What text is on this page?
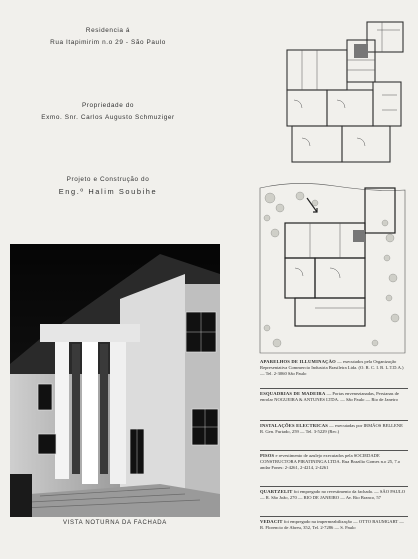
Residencia á
Rua Itapimirim n.o 29 - São Paulo
Propriedade do
Exmo. Snr. Carlos Augusto Schmuziger
Projeto e Construção do
Eng.º Halim Soubihe
VISTA NOTURNA DA FACHADA
APARELHOS DE ILLUMINAÇÃO — executados pela Organização Representativa Commercio Industria Brasileira Ltda. (O. R. C. I. B. L.T.D.A.) — Tel. 2-3060 São Paulo
ESQUADRIAS DE MADEIRA — Portas envenezianadas, Persianas de enrolar NOGUEIRA & ANTUNES LTDA. — São Paulo — Rio de Janeiro
INSTALAÇÕES ELECTRICAS — executadas por IRMÃOS BELLENE R. Gen. Furtado, 259 — Tel. 3-5229 (Rec.)
PISOS e revestimento de azulejo executados pela SOCIEDADE CONSTRUCTORA PIRATININGA LTDA. Rua Brazilio Gomes n.o 25, 7.o andar Fones: 2-4261, 2-4214, 2-4261
QUARTZELIT foi empregado no revestimento da fachada. — SÃO PAULO — R. São João, 270 — RIO DE JANEIRO — Av. Rio Branco, 57
VEDACIT foi empregado na impermeabilização — OTTO BAUMGART — R. Florencio de Abreu, 352, Tel. 2-7286 — S. Paulo
